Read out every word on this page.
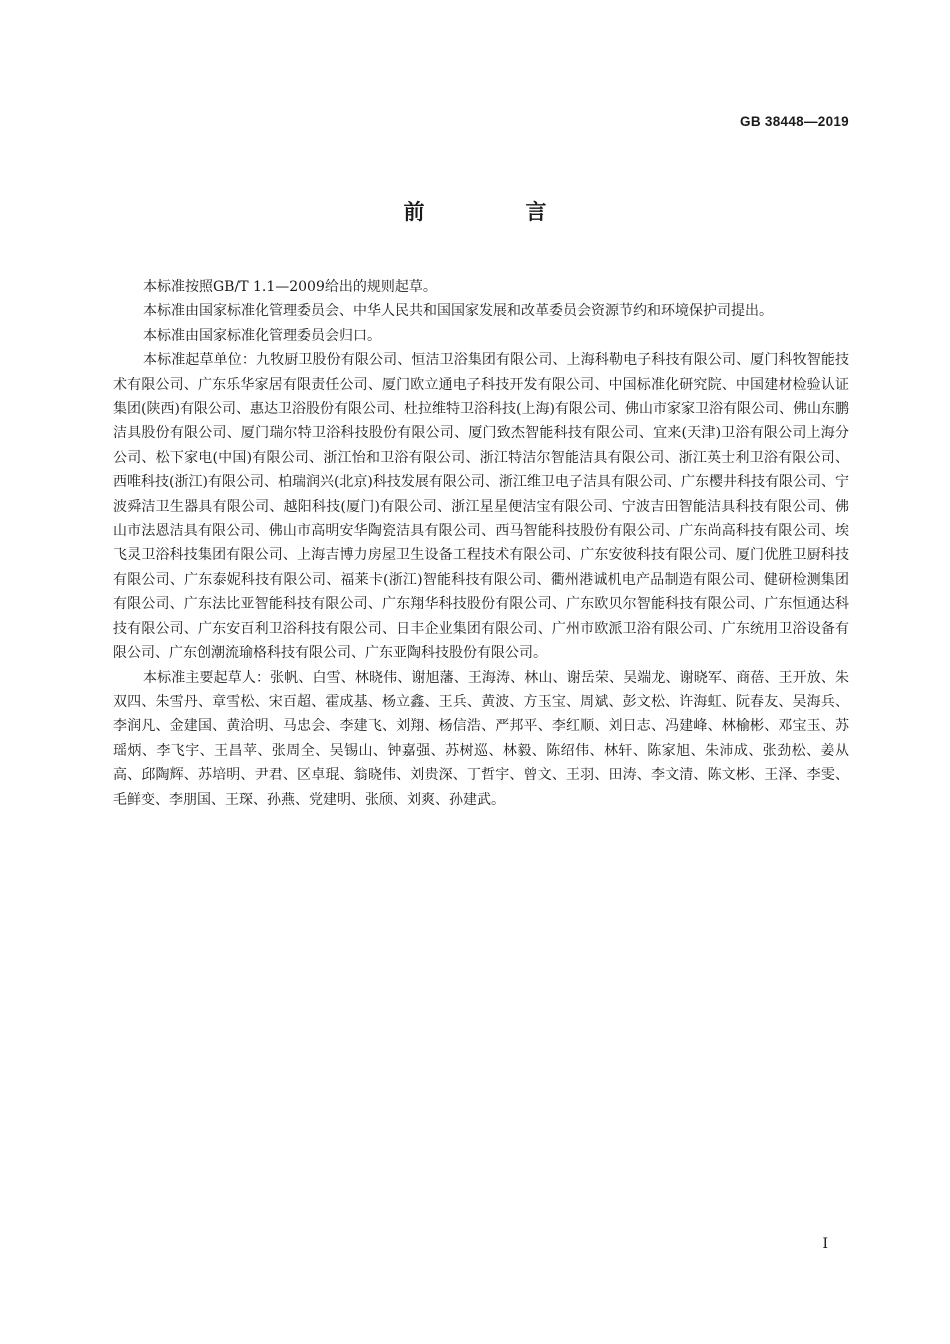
GB 38448—2019
前　言

本标准按照GB/T 1.1—2009给出的规则起草。

本标准由国家标准化管理委员会、中华人民共和国国家发展和改革委员会资源节约和环境保护司提出。

本标准由国家标准化管理委员会归口。

本标准起草单位：九牧厨卫股份有限公司、恒洁卫浴集团有限公司、上海科勒电子科技有限公司、厦门科牧智能技术有限公司、广东乐华家居有限责任公司、厦门欧立通电子科技开发有限公司、中国标准化研究院、中国建材检验认证集团(陕西)有限公司、惠达卫浴股份有限公司、杜拉维特卫浴科技(上海)有限公司、佛山市家家卫浴有限公司、佛山东鹏洁具股份有限公司、厦门瑞尔特卫浴科技股份有限公司、厦门致杰智能科技有限公司、宜来(天津)卫浴有限公司上海分公司、松下家电(中国)有限公司、浙江怡和卫浴有限公司、浙江特洁尔智能洁具有限公司、浙江英士利卫浴有限公司、西唯科技(浙江)有限公司、柏瑞润兴(北京)科技发展有限公司、浙江维卫电子洁具有限公司、广东樱井科技有限公司、宁波舜洁卫生器具有限公司、越阳科技(厦门)有限公司、浙江星星便洁宝有限公司、宁波吉田智能洁具科技有限公司、佛山市法恩洁具有限公司、佛山市高明安华陶瓷洁具有限公司、西马智能科技股份有限公司、广东尚高科技有限公司、埃飞灵卫浴科技集团有限公司、上海吉博力房屋卫生设备工程技术有限公司、广东安彼科技有限公司、厦门优胜卫厨科技有限公司、广东泰妮科技有限公司、福莱卡(浙江)智能科技有限公司、衢州港诚机电产品制造有限公司、健研检测集团有限公司、广东法比亚智能科技有限公司、广东翔华科技股份有限公司、广东欧贝尔智能科技有限公司、广东恒通达科技有限公司、广东安百利卫浴科技有限公司、日丰企业集团有限公司、广州市欧派卫浴有限公司、广东统用卫浴设备有限公司、广东创潮流瑜格科技有限公司、广东亚陶科技股份有限公司。

本标准主要起草人：张帆、白雪、林晓伟、谢旭藩、王海涛、林山、谢岳荣、吴端龙、谢晓军、商蓓、王开放、朱双四、朱雪丹、章雪松、宋百超、霍成基、杨立鑫、王兵、黄波、方玉宝、周斌、彭文松、许海虹、阮春友、吴海兵、李润凡、金建国、黄洽明、马忠会、李建飞、刘翔、杨信浩、严邦平、李红顺、刘日志、冯建峰、林榆彬、邓宝玉、苏瑶炳、李飞宇、王昌苹、张周全、吴锡山、钟嘉强、苏树巡、林毅、陈绍伟、林轩、陈家旭、朱沛成、张劲松、姜从高、邱陶辉、苏培明、尹君、区卓琨、翁晓伟、刘贵深、丁哲宇、曾文、王羽、田涛、李文清、陈文彬、王泽、李雯、毛鲜变、李朋国、王琛、孙燕、党建明、张颀、刘爽、孙建武。

I
